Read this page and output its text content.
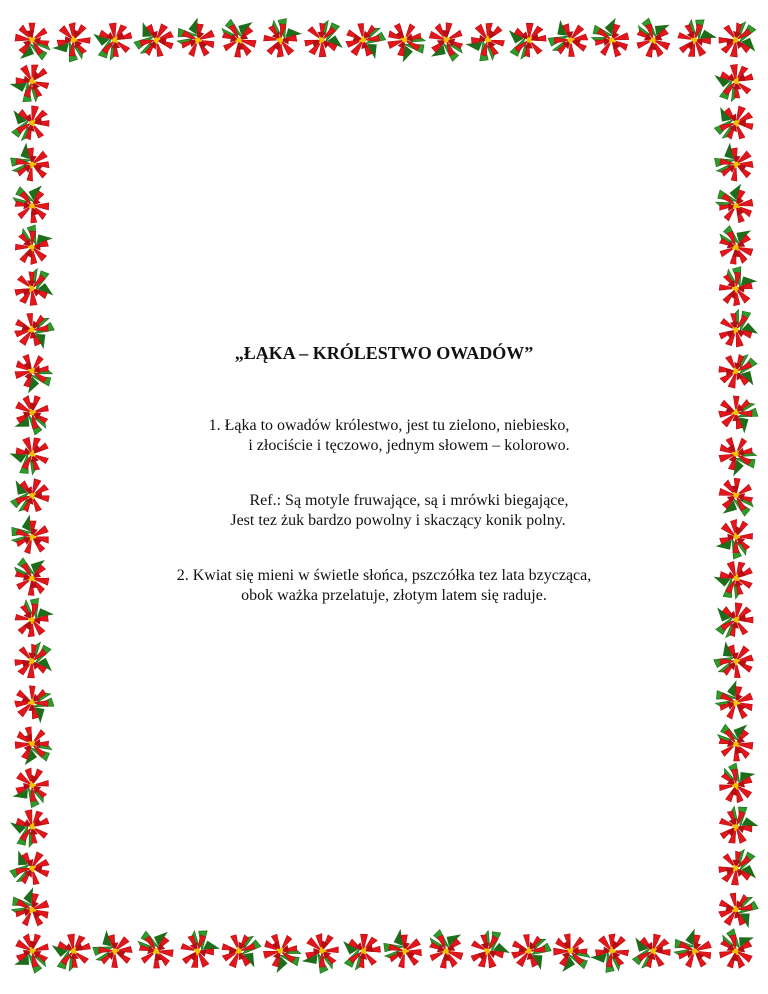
„ŁĄKA – KRÓLESTWO OWADÓW”
1. Łąka to owadów królestwo, jest tu zielono, niebiesko,
i złociście i tęczowo, jednym słowem – kolorowo.
Ref.: Są motyle fruwające, są i mrówki biegające,
Jest tez żuk bardzo powolny i skaczący konik polny.
2. Kwiat się mieni w świetle słońca, pszczółka tez lata bzycząca,
obok ważka przelatuje, złotym latem się raduje.
